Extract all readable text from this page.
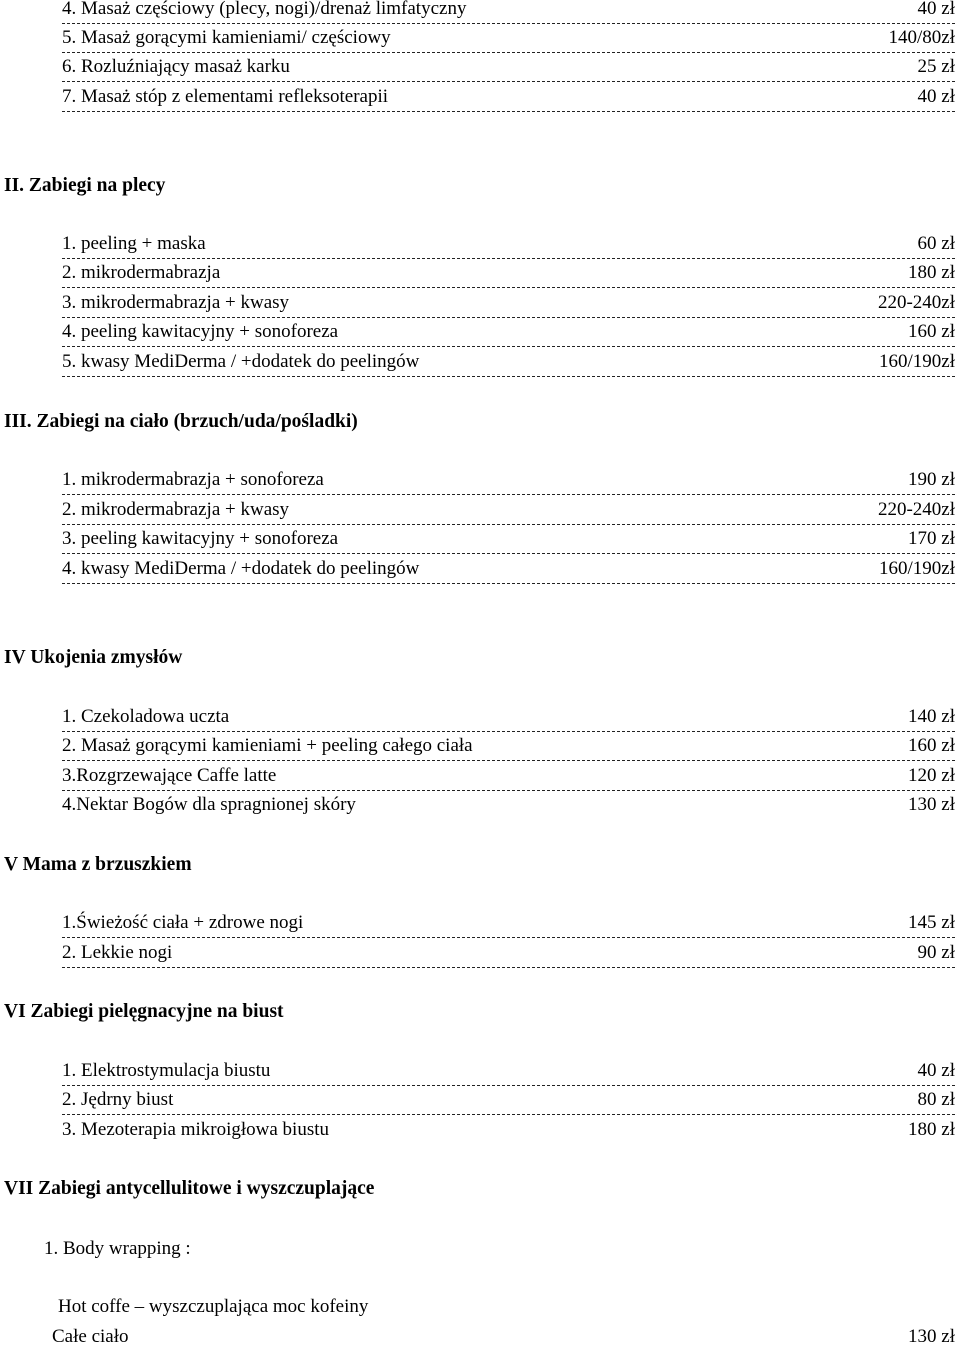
4. Masaż częściowy (plecy, nogi)/drenaż limfatyczny	40 zł
5. Masaż gorącymi kamieniami/ częściowy	140/80zł
6. Rozluźniający masaż karku	25 zł
7. Masaż stóp z elementami refleksoterapii	40 zł
II. Zabiegi na plecy
1. peeling + maska	60 zł
2. mikrodermabrazja	180 zł
3. mikrodermabrazja + kwasy	220-240zł
4. peeling kawitacyjny + sonoforeza	160 zł
5. kwasy MediDerma / +dodatek do peelingów	160/190zł
III. Zabiegi na ciało (brzuch/uda/pośladki)
1. mikrodermabrazja + sonoforeza	190 zł
2. mikrodermabrazja + kwasy	220-240zł
3. peeling kawitacyjny + sonoforeza	170 zł
4. kwasy MediDerma / +dodatek do peelingów	160/190zł
IV Ukojenia zmysłów
1. Czekoladowa uczta	140 zł
2. Masaż gorącymi kamieniami + peeling całego ciała	160 zł
3.Rozgrzewające Caffe latte	120 zł
4.Nektar Bogów dla spragnionej skóry	130 zł
V Mama z brzuszkiem
1.Świeżość ciała + zdrowe nogi	145 zł
2. Lekkie nogi	90 zł
VI Zabiegi pielęgnacyjne na biust
1. Elektrostymulacja biustu	40 zł
2. Jędrny biust	80 zł
3. Mezoterapia mikroigłowa biustu	180 zł
VII Zabiegi antycellulitowe i wyszczuplające
1. Body wrapping :
Hot coffe – wyszczuplająca moc kofeiny
Całe ciało	130 zł
